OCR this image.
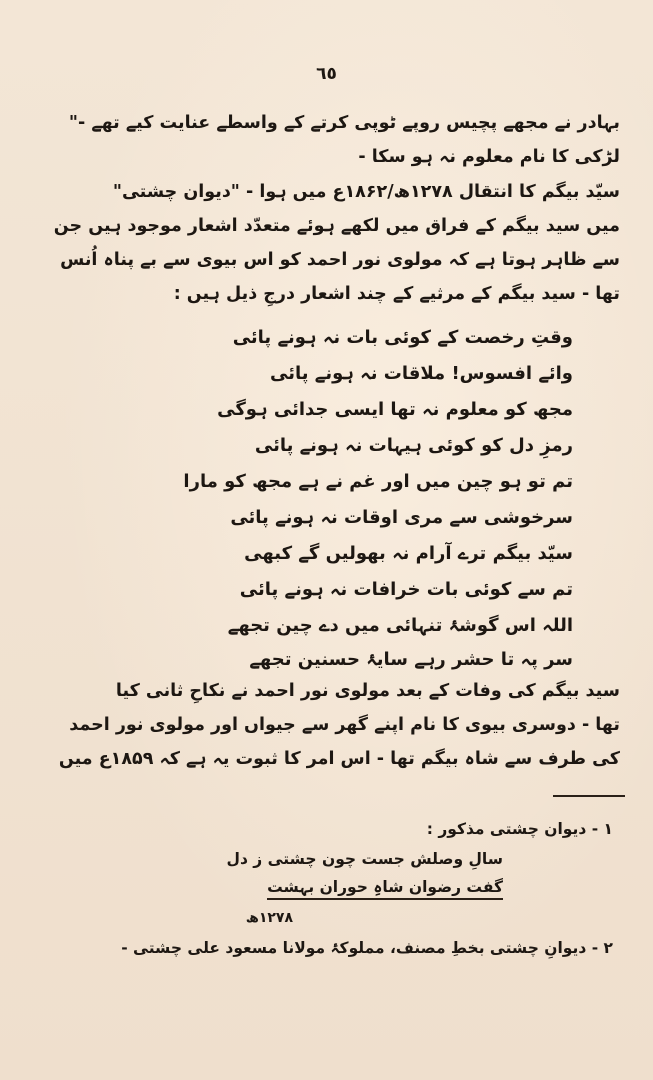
٦٥
بہادر نے مجھے پچیس روپے ٹوپی کرتے کے واسطے عنایت کیے تھے -"
لڑکی کا نام معلوم نہ ہو سکا -
سیّد بیگم کا انتقال ۱۲۷۸ھ/۱۸۶۲ع میں ہوا - "دیوان چشتی"
میں سید بیگم کے فراق میں لکھے ہوئے متعدّد اشعار موجود ہیں جن
سے ظاہر ہوتا ہے کہ مولوی نور احمد کو اس بیوی سے بے پناہ اُنس
تھا - سید بیگم کے مرثیے کے چند اشعار درجِ ذیل ہیں :
وقتِ رخصت کے کوئی بات نہ ہونے پائی
وائے افسوس! ملاقات نہ ہونے پائی
مجھ کو معلوم نہ تھا ایسی جدائی ہوگی
رمزِ دل کو کوئی ہیہات نہ ہونے پائی
تم تو ہو چین میں اور غم نے ہے مجھ کو مارا
سرخوشی سے مری اوقات نہ ہونے پائی
سیّد بیگم ترے آرام نہ بھولیں گے کبھی
تم سے کوئی بات خرافات نہ ہونے پائی
اللہ اس گوشۂ تنہائی میں دے چین تجھے
سر پہ تا حشر رہے سایۂ حسنین تجھے
سید بیگم کی وفات کے بعد مولوی نور احمد نے نکاحِ ثانی کیا
تھا - دوسری بیوی کا نام اپنے گھر سے جیواں اور مولوی نور احمد
کی طرف سے شاہ بیگم تھا - اس امر کا ثبوت یہ ہے کہ ۱۸۵۹ع میں
۱ - دیوان چشتی مذکور :
سالِ وصلش جست چون چشتی ز دل
گفت رضوان شاہِ حوران بہشت
۱۲۷۸ھ
۲ - دیوانِ چشتی بخطِ مصنف، مملوکۂ مولانا مسعود علی چشتی -
